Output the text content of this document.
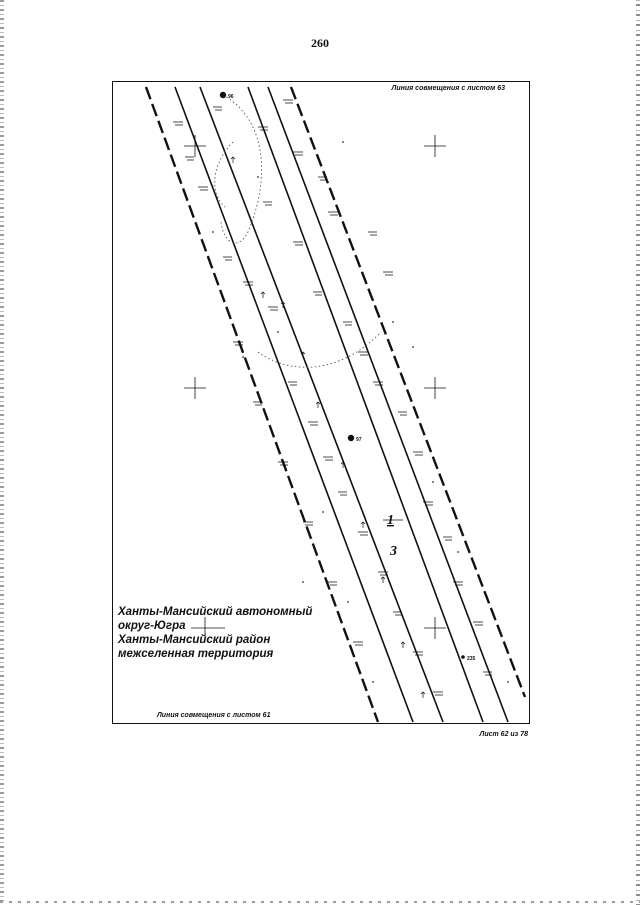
260
96
97
235
1
3
Линия совмещения с листом 63
Линия совмещения с листом 61
Ханты-Мансийский автономный
округ-Югра
Ханты-Мансийский район
межселенная территория
Лист 62 из 78
